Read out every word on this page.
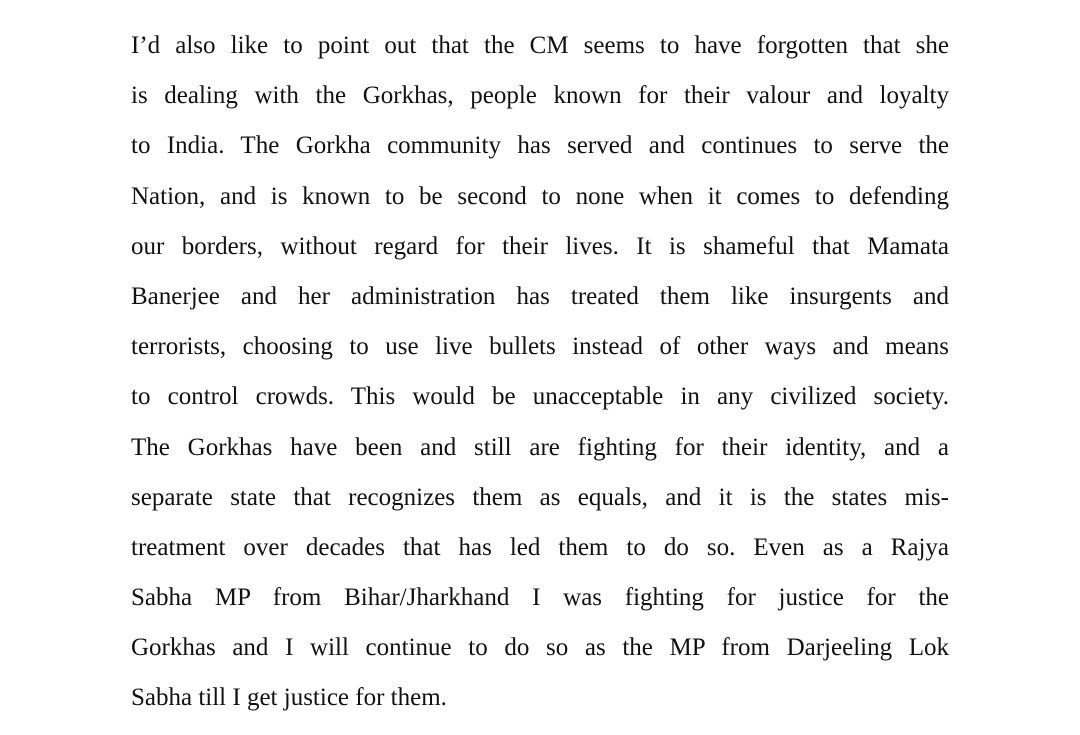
I’d also like to point out that the CM seems to have forgotten that she
is dealing with the Gorkhas, people known for their valour and loyalty
to India. The Gorkha community has served and continues to serve the
Nation, and is known to be second to none when it comes to defending
our borders, without regard for their lives. It is shameful that Mamata
Banerjee and her administration has treated them like insurgents and
terrorists, choosing to use live bullets instead of other ways and means
to control crowds. This would be unacceptable in any civilized society.
The Gorkhas have been and still are fighting for their identity, and a
separate state that recognizes them as equals, and it is the states mis-
treatment over decades that has led them to do so. Even as a Rajya
Sabha MP from Bihar/Jharkhand I was fighting for justice for the
Gorkhas and I will continue to do so as the MP from Darjeeling Lok
Sabha till I get justice for them.
